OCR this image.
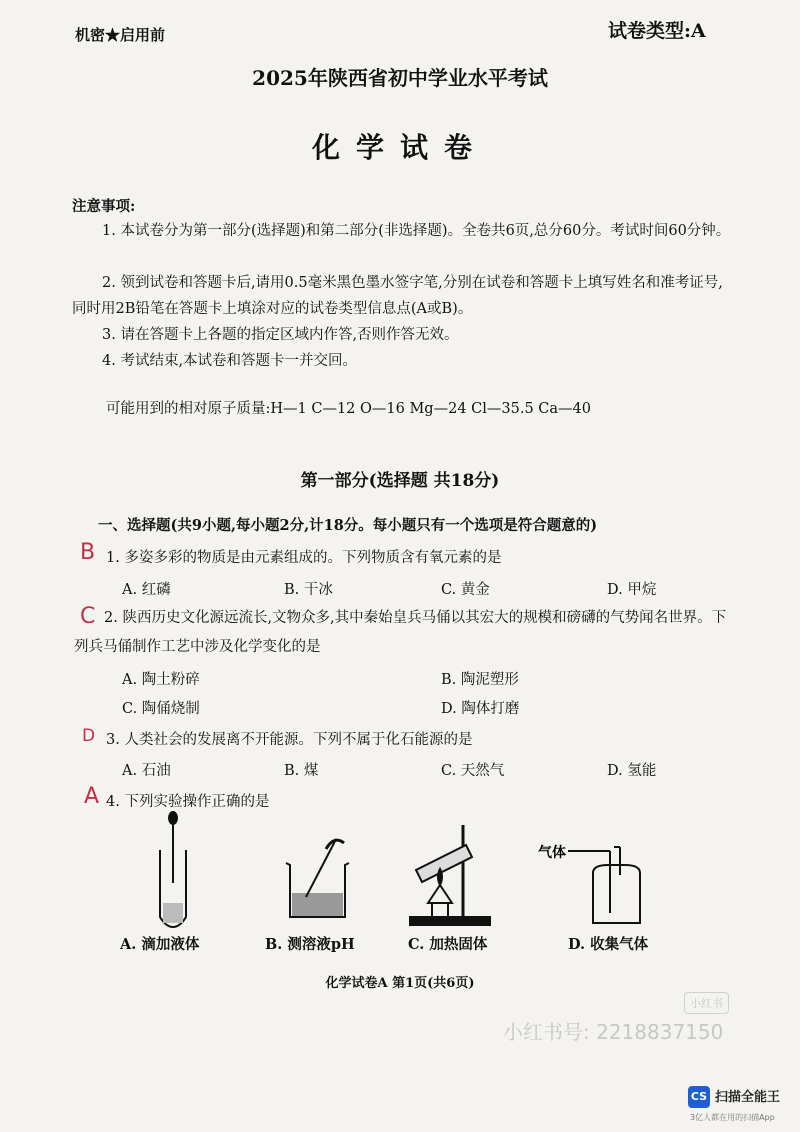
机密★启用前	试卷类型:A
2025年陕西省初中学业水平考试
化学试卷
注意事项:
1. 本试卷分为第一部分(选择题)和第二部分(非选择题)。全卷共6页,总分60分。考试时间60分钟。
2. 领到试卷和答题卡后,请用0.5毫米黑色墨水签字笔,分别在试卷和答题卡上填写姓名和准考证号,同时用2B铅笔在答题卡上填涂对应的试卷类型信息点(A或B)。
3. 请在答题卡上各题的指定区域内作答,否则作答无效。
4. 考试结束,本试卷和答题卡一并交回。
可能用到的相对原子质量:H—1 C—12 O—16 Mg—24 Cl—35.5 Ca—40
第一部分(选择题 共18分)
一、选择题(共9小题,每小题2分,计18分。每小题只有一个选项是符合题意的)
B 1. 多姿多彩的物质是由元素组成的。下列物质含有氧元素的是
A. 红磷	B. 干冰	C. 黄金	D. 甲烷
C 2. 陕西历史文化源远流长,文物众多,其中秦始皇兵马俑以其宏大的规模和磅礴的气势闻名世界。下列兵马俑制作工艺中涉及化学变化的是
A. 陶土粉碎	B. 陶泥塑形
C. 陶俑烧制	D. 陶体打磨
D 3. 人类社会的发展离不开能源。下列不属于化石能源的是
A. 石油	B. 煤	C. 天然气	D. 氢能
A 4. 下列实验操作正确的是
气体
A. 滴加液体	B. 测溶液pH	C. 加热固体	D. 收集气体
化学试卷A 第1页(共6页)
小红书
小红书号: 2218837150
CS 扫描全能王
3亿人都在用的扫描App
